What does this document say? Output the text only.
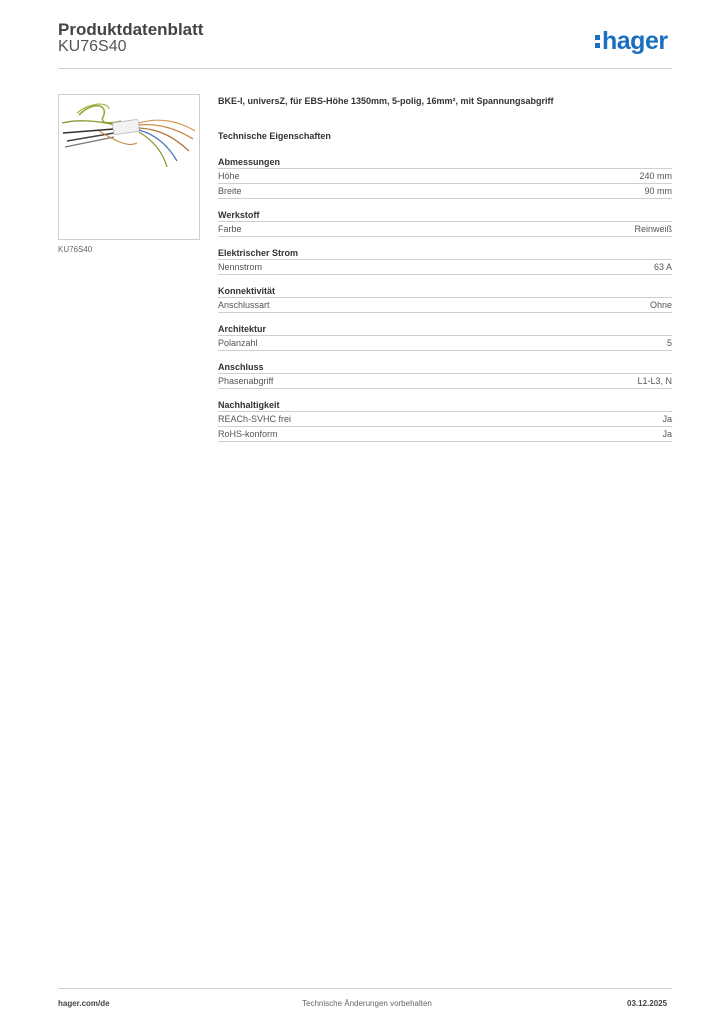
Produktdatenblatt
KU76S40	hager
KU76S40
BKE-I, universZ, für EBS-Höhe 1350mm, 5-polig, 16mm², mit Spannungsabgriff
Technische Eigenschaften
Abmessungen
Höhe	240 mm
Breite	90 mm
Werkstoff
Farbe	Reinweiß
Elektrischer Strom
Nennstrom	63 A
Konnektivität
Anschlussart	Ohne
Architektur
Polanzahl	5
Anschluss
Phasenabgriff	L1-L3, N
Nachhaltigkeit
REACh-SVHC frei	Ja
RoHS-konform	Ja
hager.com/de	Technische Änderungen vorbehalten	03.12.2025
